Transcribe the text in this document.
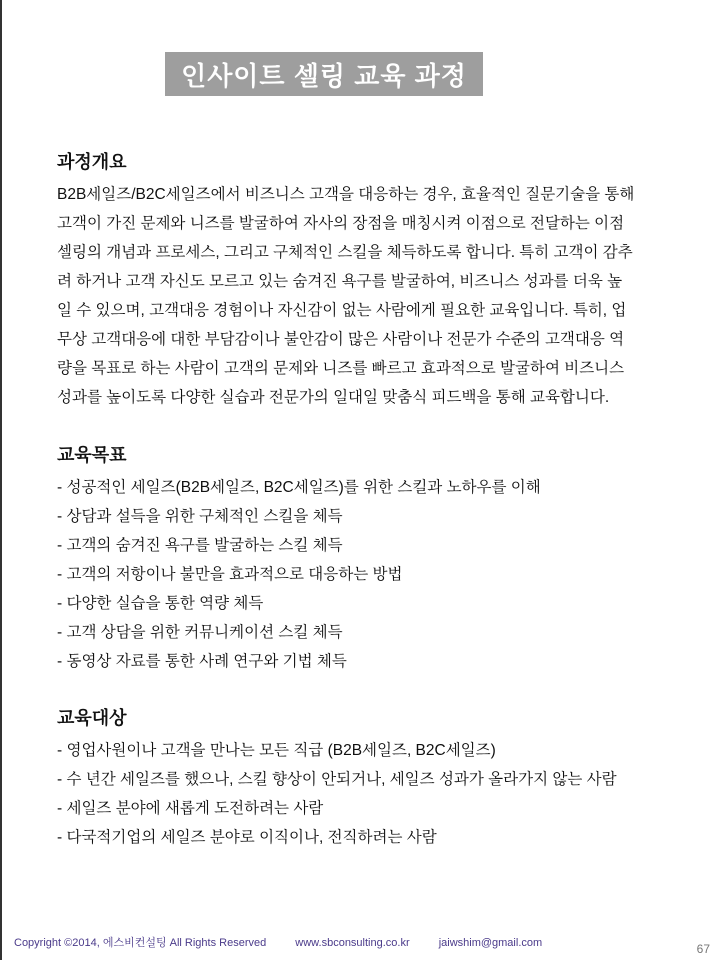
인사이트 셀링 교육 과정
과정개요
B2B세일즈/B2C세일즈에서 비즈니스 고객을 대응하는 경우, 효율적인 질문기술을 통해
고객이 가진 문제와 니즈를 발굴하여 자사의 장점을 매칭시켜 이점으로 전달하는 이점
셀링의 개념과 프로세스, 그리고 구체적인 스킬을 체득하도록 합니다. 특히 고객이 감추
려 하거나 고객 자신도 모르고 있는 숨겨진 욕구를 발굴하여, 비즈니스 성과를 더욱 높
일 수 있으며, 고객대응 경험이나 자신감이 없는 사람에게 필요한 교육입니다. 특히, 업
무상 고객대응에 대한 부담감이나 불안감이 많은 사람이나 전문가 수준의 고객대응 역
량을 목표로 하는 사람이 고객의 문제와 니즈를 빠르고 효과적으로 발굴하여 비즈니스
성과를 높이도록 다양한 실습과 전문가의 일대일 맞춤식 피드백을 통해 교육합니다.
교육목표
- 성공적인 세일즈(B2B세일즈, B2C세일즈)를 위한 스킬과 노하우를 이해
- 상담과 설득을 위한 구체적인 스킬을 체득
- 고객의 숨겨진 욕구를 발굴하는 스킬 체득
- 고객의 저항이나 불만을 효과적으로 대응하는 방법
- 다양한 실습을 통한 역량 체득
- 고객 상담을 위한 커뮤니케이션 스킬 체득
- 동영상 자료를 통한 사례 연구와 기법 체득
교육대상
- 영업사원이나 고객을 만나는 모든 직급 (B2B세일즈, B2C세일즈)
- 수 년간 세일즈를 했으나, 스킬 향상이 안되거나, 세일즈 성과가 올라가지 않는 사람
- 세일즈 분야에 새롭게 도전하려는 사람
- 다국적기업의 세일즈 분야로 이직이나, 전직하려는 사람
Copyright ©2014, 에스비컨설팅 All Rights Reserved	www.sbconsulting.co.kr	jaiwshim@gmail.com	67
